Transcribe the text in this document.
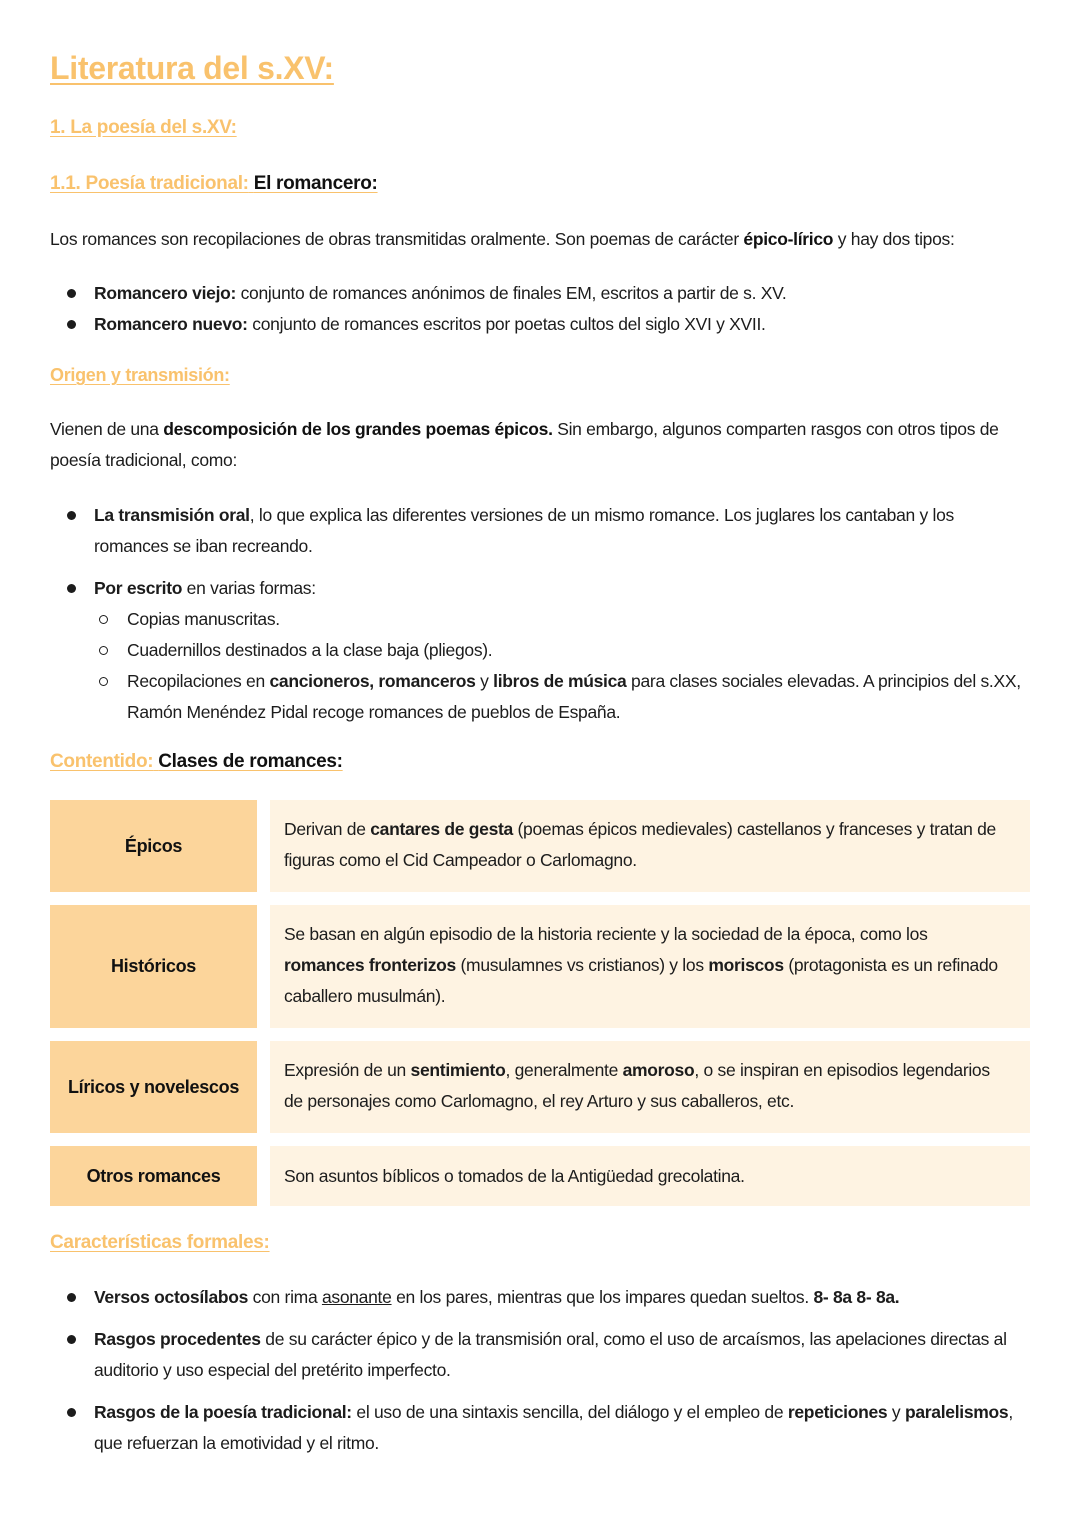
Literatura del s.XV:
1. La poesía del s.XV:
1.1. Poesía tradicional: El romancero:
Los romances son recopilaciones de obras transmitidas oralmente. Son poemas de carácter épico-lírico y hay dos tipos:
Romancero viejo: conjunto de romances anónimos de finales EM, escritos a partir de s. XV.
Romancero nuevo: conjunto de romances escritos por poetas cultos del siglo XVI y XVII.
Origen y transmisión:
Vienen de una descomposición de los grandes poemas épicos. Sin embargo, algunos comparten rasgos con otros tipos de poesía tradicional, como:
La transmisión oral, lo que explica las diferentes versiones de un mismo romance. Los juglares los cantaban y los romances se iban recreando.
Por escrito en varias formas:
Copias manuscritas.
Cuadernillos destinados a la clase baja (pliegos).
Recopilaciones en cancioneros, romanceros y libros de música para clases sociales elevadas. A principios del s.XX, Ramón Menéndez Pidal recoge romances de pueblos de España.
Contentido: Clases de romances:
Épicos
Derivan de cantares de gesta (poemas épicos medievales) castellanos y franceses y tratan de figuras como el Cid Campeador o Carlomagno.
Históricos
Se basan en algún episodio de la historia reciente y la sociedad de la época, como los romances fronterizos (musulamnes vs cristianos) y los moriscos (protagonista es un refinado caballero musulmán).
Líricos y novelescos
Expresión de un sentimiento, generalmente amoroso, o se inspiran en episodios legendarios de personajes como Carlomagno, el rey Arturo y sus caballeros, etc.
Otros romances	Son asuntos bíblicos o tomados de la Antigüedad grecolatina.
Características formales:
Versos octosílabos con rima asonante en los pares, mientras que los impares quedan sueltos. 8- 8a 8- 8a.
Rasgos procedentes de su carácter épico y de la transmisión oral, como el uso de arcaísmos, las apelaciones directas al auditorio y uso especial del pretérito imperfecto.
Rasgos de la poesía tradicional: el uso de una sintaxis sencilla, del diálogo y el empleo de repeticiones y paralelismos, que refuerzan la emotividad y el ritmo.
